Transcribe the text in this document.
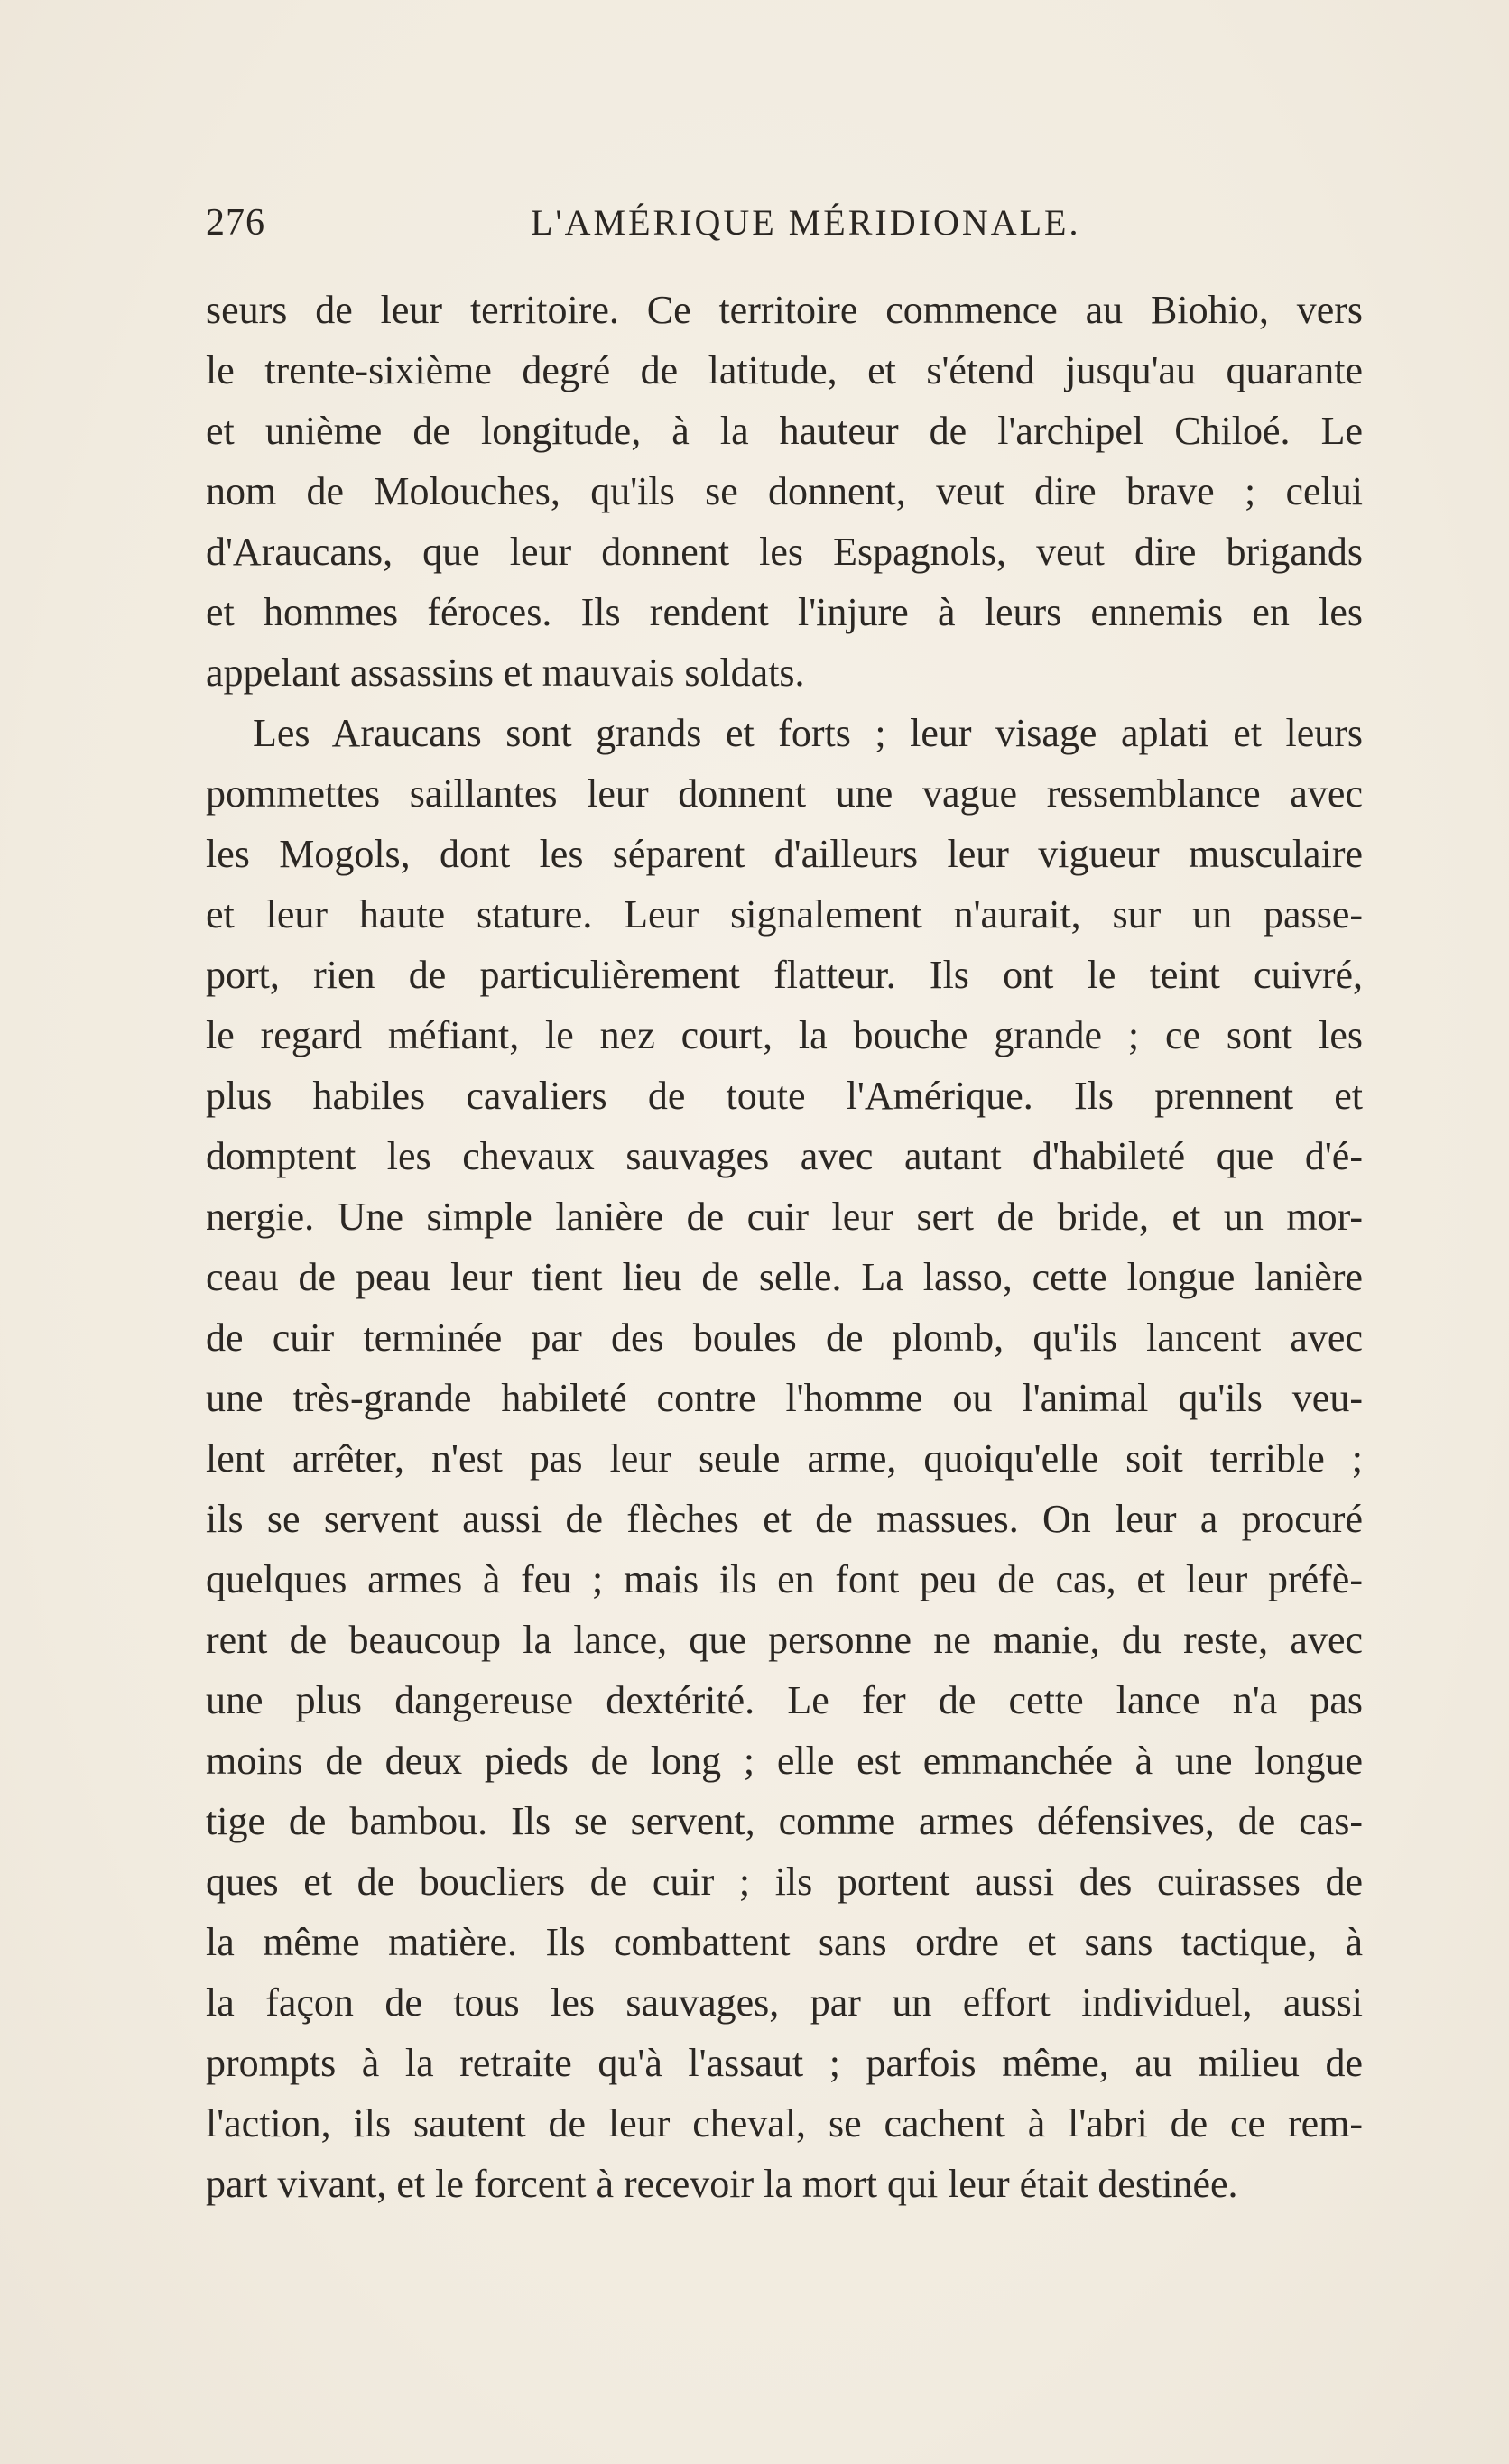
276	L'AMÉRIQUE MÉRIDIONALE.
seurs de leur territoire. Ce territoire commence au Biohio, vers
le trente-sixième degré de latitude, et s'étend jusqu'au quarante
et unième de longitude, à la hauteur de l'archipel Chiloé. Le
nom de Molouches, qu'ils se donnent, veut dire brave ; celui
d'Araucans, que leur donnent les Espagnols, veut dire brigands
et hommes féroces. Ils rendent l'injure à leurs ennemis en les
appelant assassins et mauvais soldats.
Les Araucans sont grands et forts ; leur visage aplati et leurs
pommettes saillantes leur donnent une vague ressemblance avec
les Mogols, dont les séparent d'ailleurs leur vigueur musculaire
et leur haute stature. Leur signalement n'aurait, sur un passe-
port, rien de particulièrement flatteur. Ils ont le teint cuivré,
le regard méfiant, le nez court, la bouche grande ; ce sont les
plus habiles cavaliers de toute l'Amérique. Ils prennent et
domptent les chevaux sauvages avec autant d'habileté que d'é-
nergie. Une simple lanière de cuir leur sert de bride, et un mor-
ceau de peau leur tient lieu de selle. La lasso, cette longue lanière
de cuir terminée par des boules de plomb, qu'ils lancent avec
une très-grande habileté contre l'homme ou l'animal qu'ils veu-
lent arrêter, n'est pas leur seule arme, quoiqu'elle soit terrible ;
ils se servent aussi de flèches et de massues. On leur a procuré
quelques armes à feu ; mais ils en font peu de cas, et leur préfè-
rent de beaucoup la lance, que personne ne manie, du reste, avec
une plus dangereuse dextérité. Le fer de cette lance n'a pas
moins de deux pieds de long ; elle est emmanchée à une longue
tige de bambou. Ils se servent, comme armes défensives, de cas-
ques et de boucliers de cuir ; ils portent aussi des cuirasses de
la même matière. Ils combattent sans ordre et sans tactique, à
la façon de tous les sauvages, par un effort individuel, aussi
prompts à la retraite qu'à l'assaut ; parfois même, au milieu de
l'action, ils sautent de leur cheval, se cachent à l'abri de ce rem-
part vivant, et le forcent à recevoir la mort qui leur était destinée.
